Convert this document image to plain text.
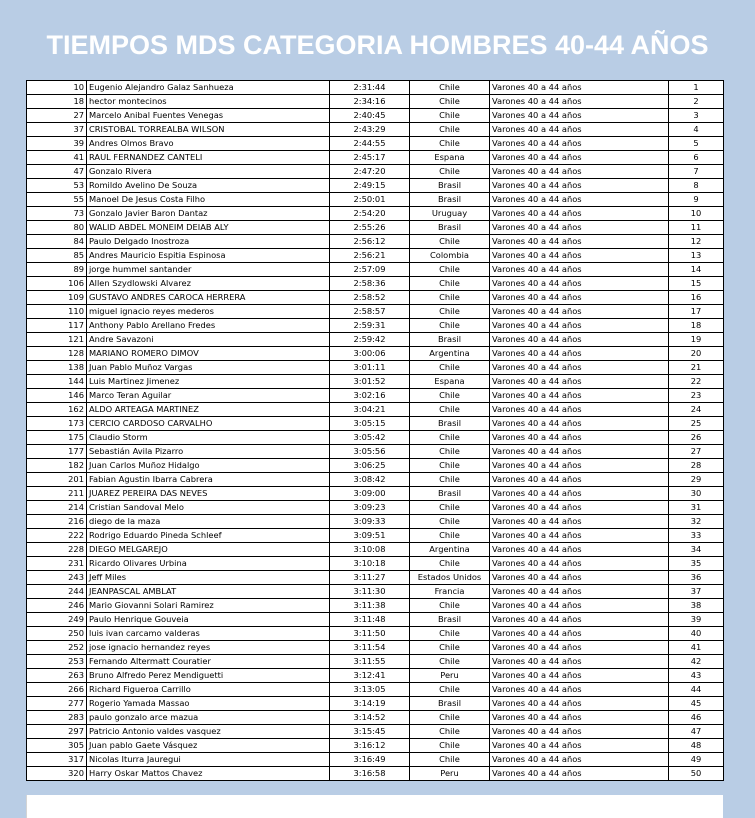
TIEMPOS MDS CATEGORIA HOMBRES 40-44 AÑOS
10	Eugenio Alejandro Galaz Sanhueza	2:31:44	Chile	Varones 40 a 44 años	1
18	hector montecinos	2:34:16	Chile	Varones 40 a 44 años	2
27	Marcelo Anibal Fuentes Venegas	2:40:45	Chile	Varones 40 a 44 años	3
37	CRISTOBAL TORREALBA WILSON	2:43:29	Chile	Varones 40 a 44 años	4
39	Andres Olmos Bravo	2:44:55	Chile	Varones 40 a 44 años	5
41	RAUL FERNANDEZ CANTELI	2:45:17	Espana	Varones 40 a 44 años	6
47	Gonzalo Rivera	2:47:20	Chile	Varones 40 a 44 años	7
53	Romildo Avelino De Souza	2:49:15	Brasil	Varones 40 a 44 años	8
55	Manoel De Jesus Costa Filho	2:50:01	Brasil	Varones 40 a 44 años	9
73	Gonzalo Javier Baron Dantaz	2:54:20	Uruguay	Varones 40 a 44 años	10
80	WALID ABDEL MONEIM DEIAB ALY	2:55:26	Brasil	Varones 40 a 44 años	11
84	Paulo Delgado Inostroza	2:56:12	Chile	Varones 40 a 44 años	12
85	Andres Mauricio Espitia Espinosa	2:56:21	Colombia	Varones 40 a 44 años	13
89	jorge hummel santander	2:57:09	Chile	Varones 40 a 44 años	14
106	Allen Szydlowski Alvarez	2:58:36	Chile	Varones 40 a 44 años	15
109	GUSTAVO ANDRES CAROCA HERRERA	2:58:52	Chile	Varones 40 a 44 años	16
110	miguel ignacio reyes mederos	2:58:57	Chile	Varones 40 a 44 años	17
117	Anthony Pablo Arellano Fredes	2:59:31	Chile	Varones 40 a 44 años	18
121	Andre Savazoni	2:59:42	Brasil	Varones 40 a 44 años	19
128	MARIANO ROMERO DIMOV	3:00:06	Argentina	Varones 40 a 44 años	20
138	Juan Pablo Muñoz Vargas	3:01:11	Chile	Varones 40 a 44 años	21
144	Luis Martinez Jimenez	3:01:52	Espana	Varones 40 a 44 años	22
146	Marco Teran Aguilar	3:02:16	Chile	Varones 40 a 44 años	23
162	ALDO ARTEAGA MARTINEZ	3:04:21	Chile	Varones 40 a 44 años	24
173	CERCIO CARDOSO CARVALHO	3:05:15	Brasil	Varones 40 a 44 años	25
175	Claudio Storm	3:05:42	Chile	Varones 40 a 44 años	26
177	Sebastián Avila Pizarro	3:05:56	Chile	Varones 40 a 44 años	27
182	Juan Carlos Muñoz Hidalgo	3:06:25	Chile	Varones 40 a 44 años	28
201	Fabian Agustin Ibarra Cabrera	3:08:42	Chile	Varones 40 a 44 años	29
211	JUAREZ PEREIRA DAS NEVES	3:09:00	Brasil	Varones 40 a 44 años	30
214	Cristian Sandoval Melo	3:09:23	Chile	Varones 40 a 44 años	31
216	diego de la maza	3:09:33	Chile	Varones 40 a 44 años	32
222	Rodrigo Eduardo Pineda Schleef	3:09:51	Chile	Varones 40 a 44 años	33
228	DIEGO MELGAREJO	3:10:08	Argentina	Varones 40 a 44 años	34
231	Ricardo Olivares Urbina	3:10:18	Chile	Varones 40 a 44 años	35
243	Jeff Miles	3:11:27	Estados Unidos	Varones 40 a 44 años	36
244	JEANPASCAL AMBLAT	3:11:30	Francia	Varones 40 a 44 años	37
246	Mario Giovanni Solari Ramirez	3:11:38	Chile	Varones 40 a 44 años	38
249	Paulo Henrique Gouveia	3:11:48	Brasil	Varones 40 a 44 años	39
250	luis ivan carcamo valderas	3:11:50	Chile	Varones 40 a 44 años	40
252	jose ignacio hernandez reyes	3:11:54	Chile	Varones 40 a 44 años	41
253	Fernando Altermatt Couratier	3:11:55	Chile	Varones 40 a 44 años	42
263	Bruno Alfredo Perez Mendiguetti	3:12:41	Peru	Varones 40 a 44 años	43
266	Richard Figueroa Carrillo	3:13:05	Chile	Varones 40 a 44 años	44
277	Rogerio Yamada Massao	3:14:19	Brasil	Varones 40 a 44 años	45
283	paulo gonzalo arce mazua	3:14:52	Chile	Varones 40 a 44 años	46
297	Patricio Antonio valdes vasquez	3:15:45	Chile	Varones 40 a 44 años	47
305	Juan pablo Gaete Vásquez	3:16:12	Chile	Varones 40 a 44 años	48
317	Nicolas Iturra Jauregui	3:16:49	Chile	Varones 40 a 44 años	49
320	Harry Oskar Mattos Chavez	3:16:58	Peru	Varones 40 a 44 años	50
